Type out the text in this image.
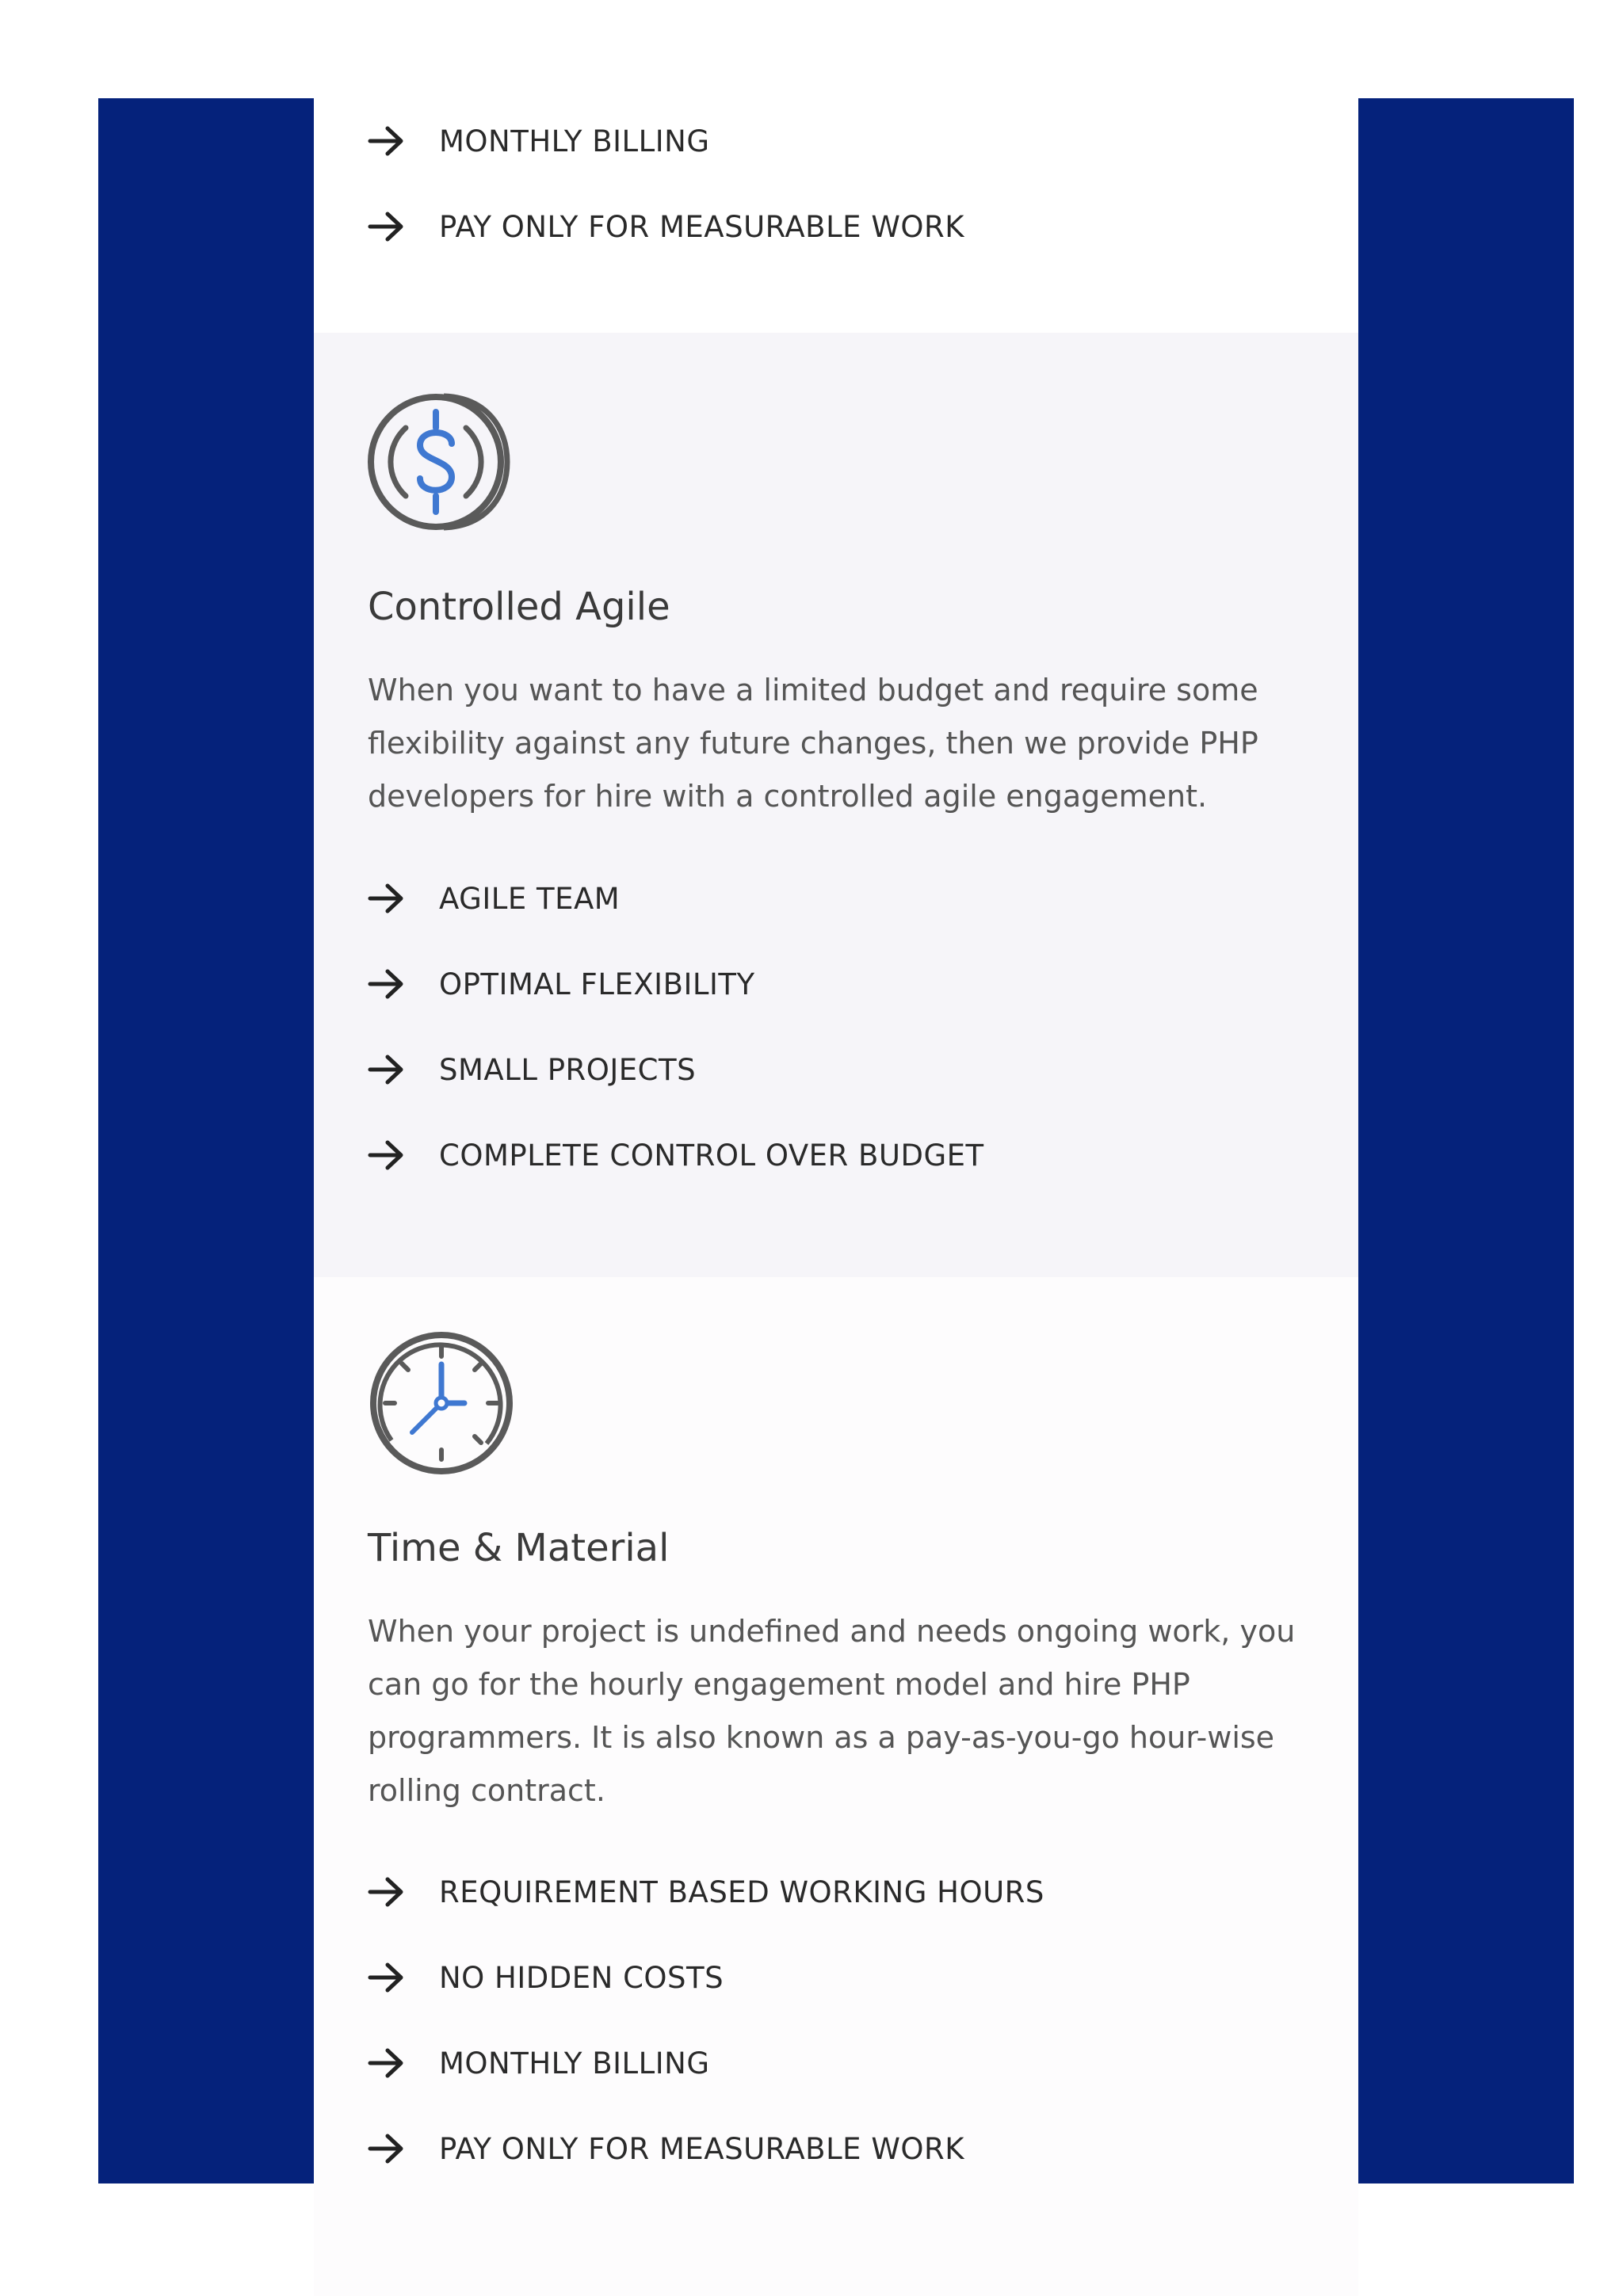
MONTHLY BILLING
PAY ONLY FOR MEASURABLE WORK
Controlled Agile

When you want to have a limited budget and require some flexibility against any future changes, then we provide PHP developers for hire with a controlled agile engagement.

AGILE TEAM
OPTIMAL FLEXIBILITY
SMALL PROJECTS
COMPLETE CONTROL OVER BUDGET
Time & Material

When your project is undefined and needs ongoing work, you can go for the hourly engagement model and hire PHP programmers. It is also known as a pay-as-you-go hour-wise rolling contract.

REQUIREMENT BASED WORKING HOURS
NO HIDDEN COSTS
MONTHLY BILLING
PAY ONLY FOR MEASURABLE WORK
